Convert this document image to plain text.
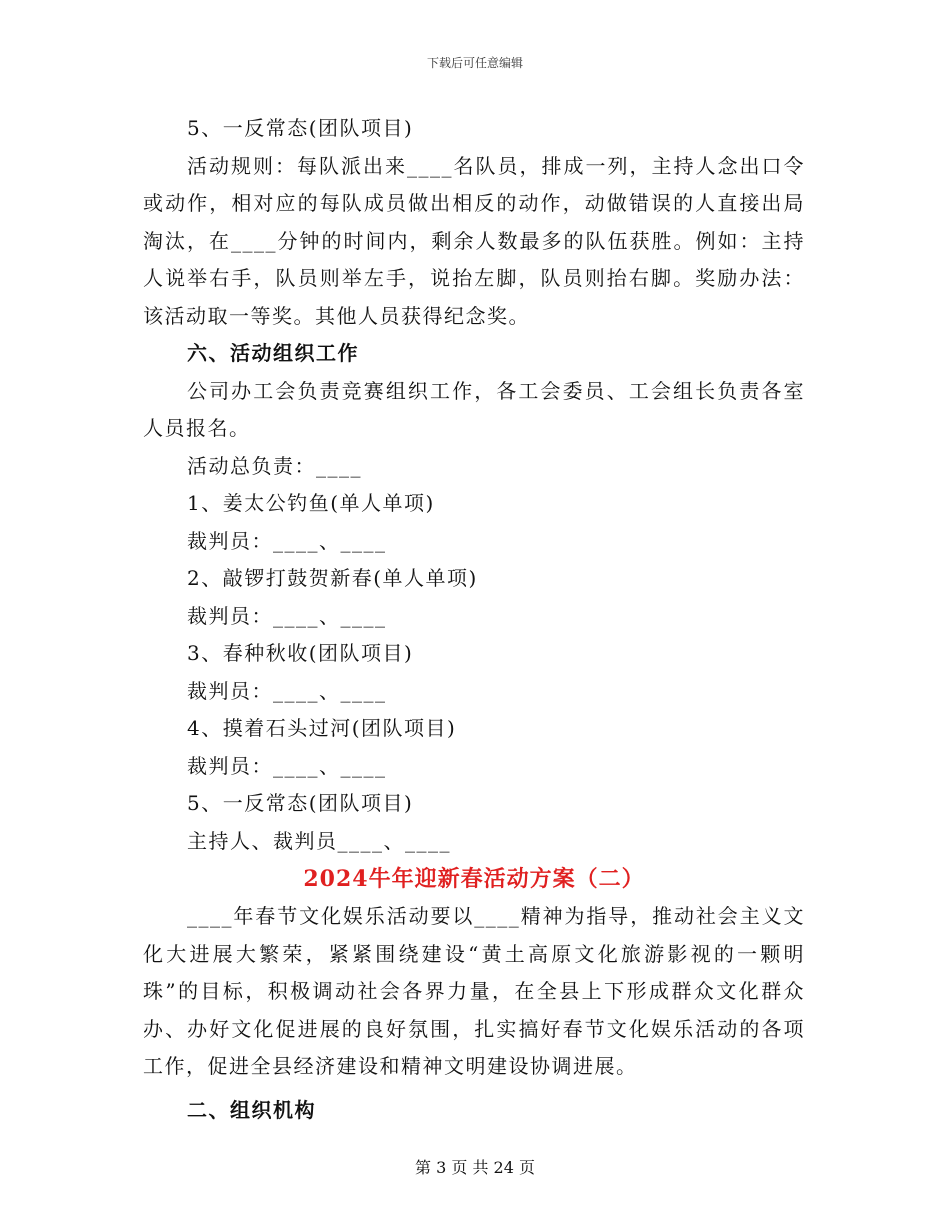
下载后可任意编辑

5、一反常态(团队项目)

活动规则：每队派出来____名队员，排成一列，主持人念出口令或动作，相对应的每队成员做出相反的动作，动做错误的人直接出局淘汰，在____分钟的时间内，剩余人数最多的队伍获胜。例如：主持人说举右手，队员则举左手，说抬左脚，队员则抬右脚。奖励办法：该活动取一等奖。其他人员获得纪念奖。

六、活动组织工作

公司办工会负责竞赛组织工作，各工会委员、工会组长负责各室人员报名。

活动总负责：____

1、姜太公钓鱼(单人单项)

裁判员：____、____

2、敲锣打鼓贺新春(单人单项)

裁判员：____、____

3、春种秋收(团队项目)

裁判员：____、____

4、摸着石头过河(团队项目)

裁判员：____、____

5、一反常态(团队项目)

主持人、裁判员____、____

2024牛年迎新春活动方案（二）

____年春节文化娱乐活动要以____精神为指导，推动社会主义文化大进展大繁荣，紧紧围绕建设“黄土高原文化旅游影视的一颗明珠”的目标，积极调动社会各界力量，在全县上下形成群众文化群众办、办好文化促进展的良好氛围，扎实搞好春节文化娱乐活动的各项工作，促进全县经济建设和精神文明建设协调进展。

二、组织机构

第 3 页 共 24 页
